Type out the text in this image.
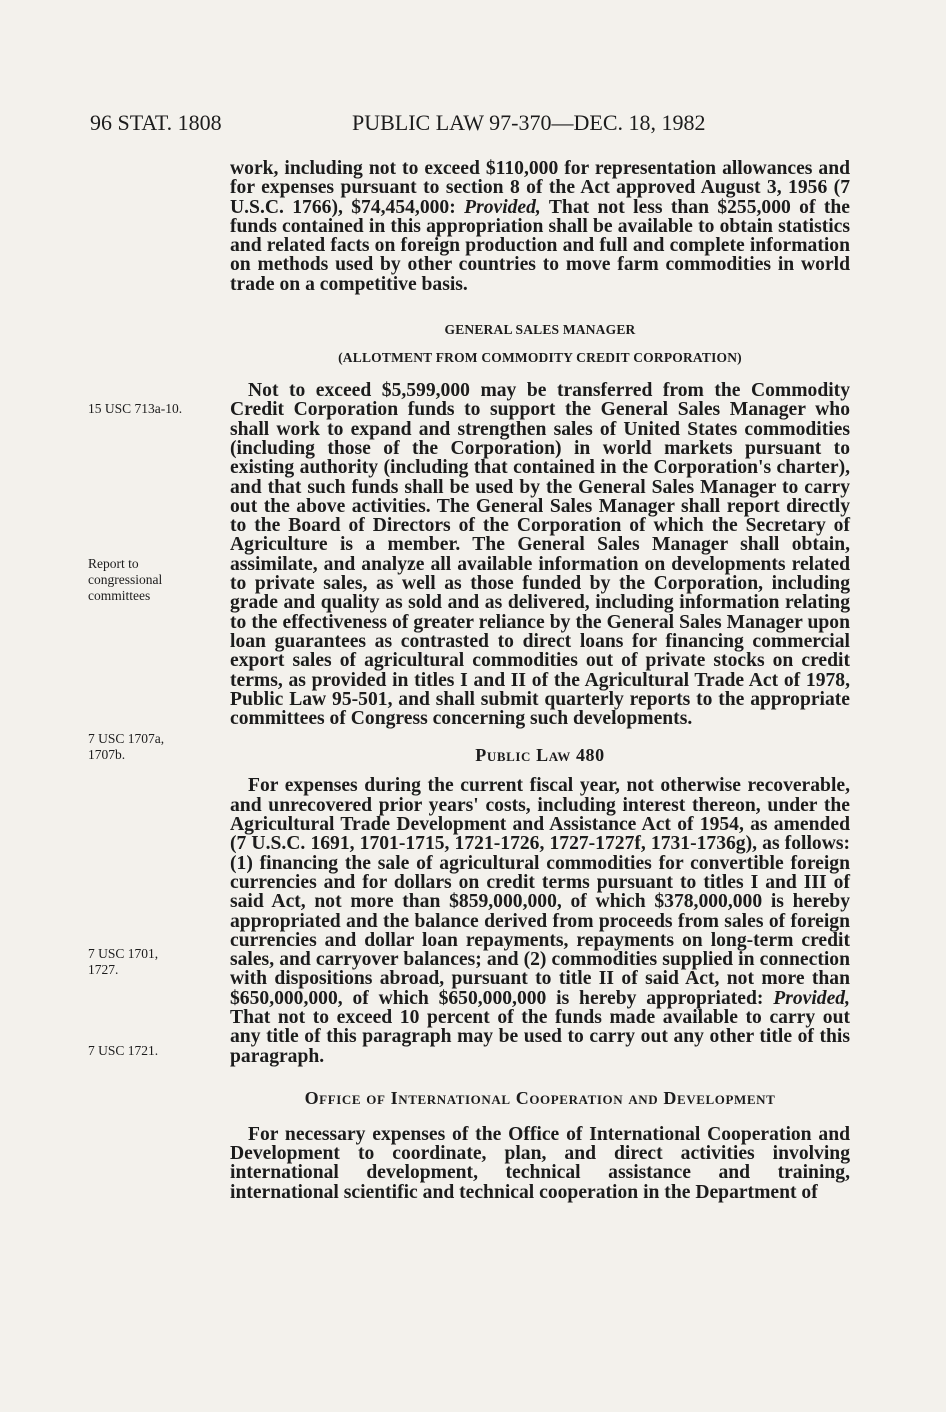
96 STAT. 1808	PUBLIC LAW 97-370—DEC. 18, 1982
15 USC 713a-10.
Report to congressional committees
7 USC 1707a, 1707b.
7 USC 1701, 1727.
7 USC 1721.

work, including not to exceed $110,000 for representation allowances and for expenses pursuant to section 8 of the Act approved August 3, 1956 (7 U.S.C. 1766), $74,454,000: Provided, That not less than $255,000 of the funds contained in this appropriation shall be available to obtain statistics and related facts on foreign production and full and complete information on methods used by other countries to move farm commodities in world trade on a competitive basis.

GENERAL SALES MANAGER
(ALLOTMENT FROM COMMODITY CREDIT CORPORATION)

Not to exceed $5,599,000 may be transferred from the Commodity Credit Corporation funds to support the General Sales Manager who shall work to expand and strengthen sales of United States commodities (including those of the Corporation) in world markets pursuant to existing authority (including that contained in the Corporation's charter), and that such funds shall be used by the General Sales Manager to carry out the above activities. The General Sales Manager shall report directly to the Board of Directors of the Corporation of which the Secretary of Agriculture is a member. The General Sales Manager shall obtain, assimilate, and analyze all available information on developments related to private sales, as well as those funded by the Corporation, including grade and quality as sold and as delivered, including information relating to the effectiveness of greater reliance by the General Sales Manager upon loan guarantees as contrasted to direct loans for financing commercial export sales of agricultural commodities out of private stocks on credit terms, as provided in titles I and II of the Agricultural Trade Act of 1978, Public Law 95-501, and shall submit quarterly reports to the appropriate committees of Congress concerning such developments.

Public Law 480

For expenses during the current fiscal year, not otherwise recoverable, and unrecovered prior years' costs, including interest thereon, under the Agricultural Trade Development and Assistance Act of 1954, as amended (7 U.S.C. 1691, 1701-1715, 1721-1726, 1727-1727f, 1731-1736g), as follows: (1) financing the sale of agricultural commodities for convertible foreign currencies and for dollars on credit terms pursuant to titles I and III of said Act, not more than $859,000,000, of which $378,000,000 is hereby appropriated and the balance derived from proceeds from sales of foreign currencies and dollar loan repayments, repayments on long-term credit sales, and carryover balances; and (2) commodities supplied in connection with dispositions abroad, pursuant to title II of said Act, not more than $650,000,000, of which $650,000,000 is hereby appropriated: Provided, That not to exceed 10 percent of the funds made available to carry out any title of this paragraph may be used to carry out any other title of this paragraph.

Office of International Cooperation and Development

For necessary expenses of the Office of International Cooperation and Development to coordinate, plan, and direct activities involving international development, technical assistance and training, international scientific and technical cooperation in the Department of
